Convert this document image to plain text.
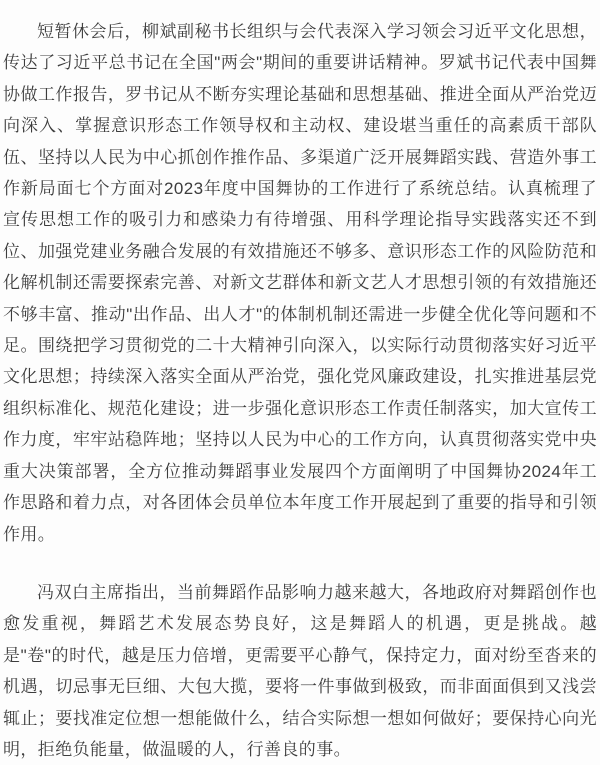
短暂休会后，柳斌副秘书长组织与会代表深入学习领会习近平文化思想，传达了习近平总书记在全国"两会"期间的重要讲话精神。罗斌书记代表中国舞协做工作报告，罗书记从不断夯实理论基础和思想基础、推进全面从严治党迈向深入、掌握意识形态工作领导权和主动权、建设堪当重任的高素质干部队伍、坚持以人民为中心抓创作推作品、多渠道广泛开展舞蹈实践、营造外事工作新局面七个方面对2023年度中国舞协的工作进行了系统总结。认真梳理了宣传思想工作的吸引力和感染力有待增强、用科学理论指导实践落实还不到位、加强党建业务融合发展的有效措施还不够多、意识形态工作的风险防范和化解机制还需要探索完善、对新文艺群体和新文艺人才思想引领的有效措施还不够丰富、推动"出作品、出人才"的体制机制还需进一步健全优化等问题和不足。围绕把学习贯彻党的二十大精神引向深入，以实际行动贯彻落实好习近平文化思想；持续深入落实全面从严治党，强化党风廉政建设，扎实推进基层党组织标准化、规范化建设；进一步强化意识形态工作责任制落实，加大宣传工作力度，牢牢站稳阵地；坚持以人民为中心的工作方向，认真贯彻落实党中央重大决策部署，全方位推动舞蹈事业发展四个方面阐明了中国舞协2024年工作思路和着力点，对各团体会员单位本年度工作开展起到了重要的指导和引领作用。

冯双白主席指出，当前舞蹈作品影响力越来越大，各地政府对舞蹈创作也愈发重视，舞蹈艺术发展态势良好，这是舞蹈人的机遇，更是挑战。越是"卷"的时代，越是压力倍增，更需要平心静气，保持定力，面对纷至沓来的机遇，切忌事无巨细、大包大揽，要将一件事做到极致，而非面面俱到又浅尝辄止；要找准定位想一想能做什么，结合实际想一想如何做好；要保持心向光明，拒绝负能量，做温暖的人，行善良的事。
